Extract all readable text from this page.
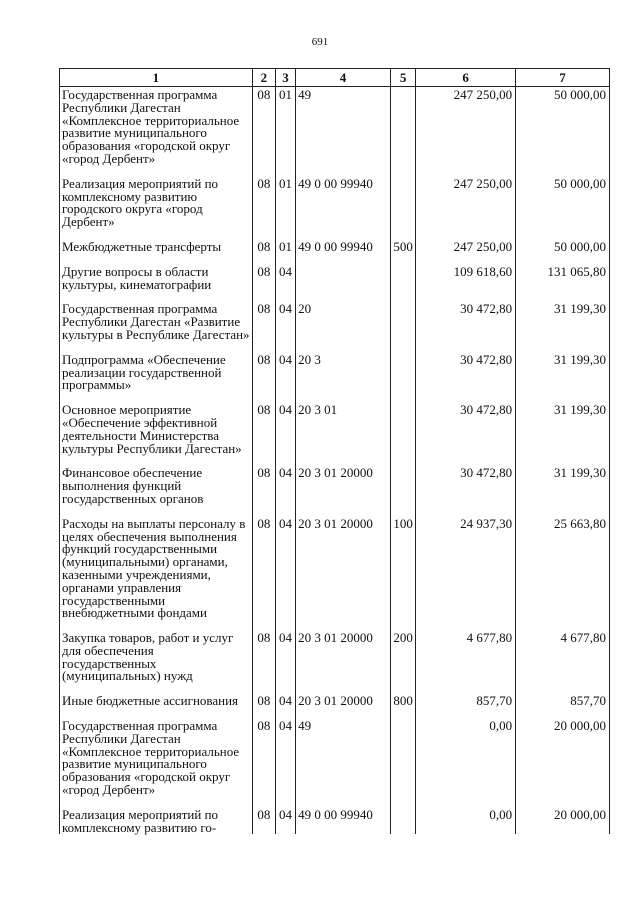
691
1	2	3	4	5	6	7
Государственная программа Республики Дагестан «Комплексное территориальное развитие муниципального образования «городской округ «город Дербент»	08	01	49		247 250,00	50 000,00
Реализация мероприятий по комплексному развитию городского округа «город Дербент»	08	01	49 0 00 99940		247 250,00	50 000,00
Межбюджетные трансферты	08	01	49 0 00 99940	500	247 250,00	50 000,00
Другие вопросы в области культуры, кинематографии	08	04			109 618,60	131 065,80
Государственная программа Республики Дагестан «Развитие культуры в Республике Дагестан»	08	04	20		30 472,80	31 199,30
Подпрограмма «Обеспечение реализации государственной программы»	08	04	20 3		30 472,80	31 199,30
Основное мероприятие «Обеспечение эффективной деятельности Министерства культуры Республики Дагестан»	08	04	20 3 01		30 472,80	31 199,30
Финансовое обеспечение выполнения функций государственных органов	08	04	20 3 01 20000		30 472,80	31 199,30
Расходы на выплаты персоналу в целях обеспечения выполнения функций государственными (муниципальными) органами, казенными учреждениями, органами управления государственными внебюджетными фондами	08	04	20 3 01 20000	100	24 937,30	25 663,80
Закупка товаров, работ и услуг для обеспечения государственных (муниципальных) нужд	08	04	20 3 01 20000	200	4 677,80	4 677,80
Иные бюджетные ассигнования	08	04	20 3 01 20000	800	857,70	857,70
Государственная программа Республики Дагестан «Комплексное территориальное развитие муниципального образования «городской округ «город Дербент»	08	04	49		0,00	20 000,00
Реализация мероприятий по комплексному развитию го-	08	04	49 0 00 99940		0,00	20 000,00
